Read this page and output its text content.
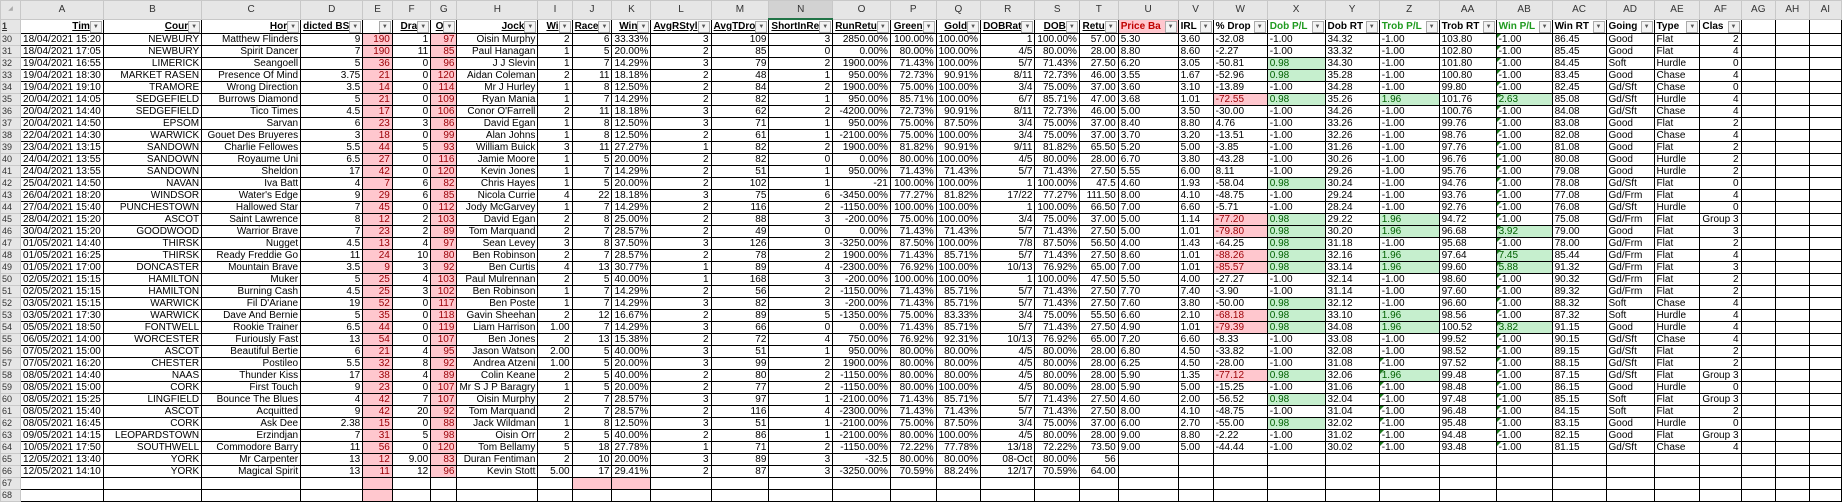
◢	A	B	C	D	E	F	G	H	I	J	K	L	M	N	O	P	Q	R	S	T	U	V	W	X	Y	Z	AA	AB	AC	AD	AE	AF	AG	AH	AI
1	Tim ▼	Cour ▼	Hor ▼	dicted BS ▼	▼	Dra ▼	O ▼	Jock ▼	Wi ▼	Race ▼	Win ▼	AvgRStyl ▼	AvgTDro ▼	ShortInRe ▼	RunRetu ▼	Green ▼	Gold ▼	DOBRat ▼	DOB ▼	Retu ▼	Price Ba ▼	IRL ▼	% Drop ▼	Dob P/L ▼	Dob RT ▼	Trob P/L ▼	Trob RT ▼	Win P/L ▼	Win RT ▼	Going ▼	Type ▼	Clas ▼			

30	18/04/2021 15:20	NEWBURY	Matthew Flinders	9	190	1	97	Oisin Murphy	2	6	33.33%	3	109	3	2850.00%	100.00%	100.00%	1	100.00%	57.00	5.30	3.60	-32.08	-1.00	34.32	-1.00	103.80	-1.00	86.45	Good	Flat	2			
31	18/04/2021 17:05	NEWBURY	Spirit Dancer	7	190	11	85	Paul Hanagan	1	5	20.00%	2	85	0	0.00%	80.00%	100.00%	4/5	80.00%	28.00	8.80	8.60	-2.27	-1.00	33.32	-1.00	102.80	-1.00	85.45	Good	Flat	4			
32	19/04/2021 16:55	LIMERICK	Seangoell	5	36	0	96	J J Slevin	1	7	14.29%	3	79	2	1900.00%	71.43%	100.00%	5/7	71.43%	27.50	6.20	3.05	-50.81	0.98	34.30	-1.00	101.80	-1.00	84.45	Soft	Hurdle	0			
33	19/04/2021 18:30	MARKET RASEN	Presence Of Mind	3.75	21	0	120	Aidan Coleman	2	11	18.18%	2	48	1	950.00%	72.73%	90.91%	8/11	72.73%	46.00	3.55	1.67	-52.96	0.98	35.28	-1.00	100.80	-1.00	83.45	Good	Chase	4			
34	19/04/2021 19:10	TRAMORE	Wrong Direction	3.5	14	0	114	Mr J Hurley	1	8	12.50%	2	84	2	1900.00%	75.00%	100.00%	3/4	75.00%	37.00	3.60	3.10	-13.89	-1.00	34.28	-1.00	99.80	-1.00	82.45	Gd/Sft	Chase	0			
35	20/04/2021 14:05	SEDGEFIELD	Burrows Diamond	5	21	0	109	Ryan Mania	1	7	14.29%	2	82	1	950.00%	85.71%	100.00%	6/7	85.71%	47.00	3.68	1.01	-72.55	0.98	35.26	1.96	101.76	2.63	85.08	Gd/Sft	Hurdle	4			
36	20/04/2021 14:40	SEDGEFIELD	Tico Times	4.5	17	0	106	Conor O'Farrell	2	11	18.18%	3	62	2	-4200.00%	72.73%	90.91%	8/11	72.73%	46.00	5.00	3.50	-30.00	-1.00	34.26	-1.00	100.76	-1.00	84.08	Gd/Sft	Chase	4			
37	20/04/2021 14:50	EPSOM	Sarvan	6	23	3	86	David Egan	1	8	12.50%	3	71	1	950.00%	75.00%	87.50%	3/4	75.00%	37.00	8.40	8.80	4.76	-1.00	33.26	-1.00	99.76	-1.00	83.08	Good	Flat	2			
38	22/04/2021 14:30	WARWICK	Gouet Des Bruyeres	3	18	0	99	Alan Johns	1	8	12.50%	2	61	1	-2100.00%	75.00%	100.00%	3/4	75.00%	37.00	3.70	3.20	-13.51	-1.00	32.26	-1.00	98.76	-1.00	82.08	Good	Chase	4			
39	23/04/2021 13:15	SANDOWN	Charlie Fellowes	5.5	44	5	93	William Buick	3	11	27.27%	1	82	2	1900.00%	81.82%	90.91%	9/11	81.82%	65.50	5.20	5.00	-3.85	-1.00	31.26	-1.00	97.76	-1.00	81.08	Good	Flat	2			
40	24/04/2021 13:55	SANDOWN	Royaume Uni	6.5	27	0	116	Jamie Moore	1	5	20.00%	2	82	0	0.00%	80.00%	100.00%	4/5	80.00%	28.00	6.70	3.80	-43.28	-1.00	30.26	-1.00	96.76	-1.00	80.08	Good	Hurdle	2			
41	24/04/2021 13:55	SANDOWN	Sheldon	17	42	0	120	Kevin Jones	1	7	14.29%	2	51	1	950.00%	71.43%	71.43%	5/7	71.43%	27.50	5.55	6.00	8.11	-1.00	29.26	-1.00	95.76	-1.00	79.08	Good	Hurdle	2			
42	25/04/2021 14:50	NAVAN	Iva Batt	4	7	6	82	Chris Hayes	1	5	20.00%	2	102	1	-21	100.00%	100.00%	1	100.00%	47.5	4.60	1.93	-58.04	0.98	30.24	-1.00	94.76	-1.00	78.08	Gd/Sft	Flat	0			
43	26/04/2021 18:20	WINDSOR	Water's Edge	9	29	6	85	Nicola Currie	4	22	18.18%	3	75	6	-3450.00%	77.27%	81.82%	17/22	77.27%	111.50	8.00	4.10	-48.75	-1.00	29.24	-1.00	93.76	-1.00	77.08	Gd/Frm	Flat	4			
44	27/04/2021 15:40	PUNCHESTOWN	Hallowed Star	7	45	0	112	Jody McGarvey	1	7	14.29%	2	116	2	-1150.00%	100.00%	100.00%	1	100.00%	66.50	7.00	6.60	-5.71	-1.00	28.24	-1.00	92.76	-1.00	76.08	Gd/Sft	Hurdle	0			
45	28/04/2021 15:20	ASCOT	Saint Lawrence	8	12	2	103	David Egan	2	8	25.00%	2	88	3	-200.00%	75.00%	100.00%	3/4	75.00%	37.00	5.00	1.14	-77.20	0.98	29.22	1.96	94.72	-1.00	75.08	Gd/Frm	Flat	Group 3			
46	30/04/2021 15:20	GOODWOOD	Warrior Brave	7	23	2	89	Tom Marquand	2	7	28.57%	2	49	0	0.00%	71.43%	71.43%	5/7	71.43%	27.50	5.00	1.01	-79.80	0.98	30.20	1.96	96.68	3.92	79.00	Good	Flat	3			
47	01/05/2021 14:40	THIRSK	Nugget	4.5	13	4	97	Sean Levey	3	8	37.50%	3	126	3	-3250.00%	87.50%	100.00%	7/8	87.50%	56.50	4.00	1.43	-64.25	0.98	31.18	-1.00	95.68	-1.00	78.00	Gd/Frm	Flat	2			
48	01/05/2021 16:25	THIRSK	Ready Freddie Go	11	24	10	80	Ben Robinson	2	7	28.57%	2	78	2	1900.00%	71.43%	85.71%	5/7	71.43%	27.50	8.60	1.01	-88.26	0.98	32.16	1.96	97.64	7.45	85.44	Gd/Frm	Flat	4			
49	01/05/2021 17:00	DONCASTER	Mountain Brave	3.5	9	3	92	Ben Curtis	4	13	30.77%	1	89	4	-2300.00%	76.92%	100.00%	10/13	76.92%	65.00	7.00	1.01	-85.57	0.98	33.14	1.96	99.60	5.88	91.32	Gd/Frm	Flat	3			
50	02/05/2021 15:15	HAMILTON	Muker	5	25	4	103	Paul Mulrennan	2	5	40.00%	1	168	3	-200.00%	100.00%	100.00%	1	100.00%	47.50	5.50	4.00	-27.27	-1.00	32.14	-1.00	98.60	-1.00	90.32	Gd/Frm	Flat	2			
51	02/05/2021 15:15	HAMILTON	Burning Cash	4.5	25	3	102	Ben Robinson	1	7	14.29%	2	56	2	-1150.00%	71.43%	85.71%	5/7	71.43%	27.50	7.70	7.40	-3.90	-1.00	31.14	-1.00	97.60	-1.00	89.32	Gd/Frm	Flat	2			
52	03/05/2021 15:15	WARWICK	Fil D'Ariane	19	52	0	117	Ben Poste	1	7	14.29%	3	82	3	-200.00%	71.43%	85.71%	5/7	71.43%	27.50	7.60	3.80	-50.00	0.98	32.12	-1.00	96.60	-1.00	88.32	Soft	Chase	4			
53	03/05/2021 17:30	WARWICK	Dave And Bernie	5	35	0	118	Gavin Sheehan	2	12	16.67%	2	89	5	-1350.00%	75.00%	83.33%	3/4	75.00%	55.50	6.60	2.10	-68.18	0.98	33.10	1.96	98.56	-1.00	87.32	Soft	Hurdle	4			
54	05/05/2021 18:50	FONTWELL	Rookie Trainer	6.5	44	0	119	Liam Harrison	1.00	7	14.29%	3	66	0	0.00%	71.43%	85.71%	5/7	71.43%	27.50	4.90	1.01	-79.39	0.98	34.08	1.96	100.52	3.82	91.15	Good	Hurdle	4			
55	06/05/2021 14:00	WORCESTER	Furiously Fast	13	54	0	107	Ben Jones	2	13	15.38%	2	72	4	750.00%	76.92%	92.31%	10/13	76.92%	65.00	7.20	6.60	-8.33	-1.00	33.08	-1.00	99.52	-1.00	90.15	Gd/Sft	Chase	4			
56	07/05/2021 15:00	ASCOT	Beautiful Bertie	6	21	4	95	Jason Watson	2.00	5	40.00%	3	51	1	950.00%	80.00%	80.00%	4/5	80.00%	28.00	6.80	4.50	-33.82	-1.00	32.08	-1.00	98.52	-1.00	89.15	Gd/Sft	Flat	2			
57	07/05/2021 16:20	CHESTER	Postileo	5.5	32	8	92	Andrea Atzeni	1.00	5	20.00%	3	99	2	1900.00%	80.00%	80.00%	4/5	80.00%	28.00	6.25	4.50	-28.00	-1.00	31.08	-1.00	97.52	-1.00	88.15	Gd/Sft	Flat	2			
58	08/05/2021 14:40	NAAS	Thunder Kiss	17	38	4	89	Colin Keane	2	5	40.00%	2	80	2	-1150.00%	80.00%	80.00%	4/5	80.00%	28.00	5.90	1.35	-77.12	0.98	32.06	1.96	99.48	-1.00	87.15	Gd/Sft	Flat	Group 3			
59	08/05/2021 15:00	CORK	First Touch	9	23	0	107	Mr S J P Baragry	1	5	20.00%	2	77	2	-1150.00%	80.00%	100.00%	4/5	80.00%	28.00	5.90	5.00	-15.25	-1.00	31.06	-1.00	98.48	-1.00	86.15	Good	Hurdle	0			
60	08/05/2021 15:25	LINGFIELD	Bounce The Blues	4	42	7	107	Oisin Murphy	2	7	28.57%	3	97	1	-2100.00%	71.43%	85.71%	5/7	71.43%	27.50	4.60	2.00	-56.52	0.98	32.04	-1.00	97.48	-1.00	85.15	Soft	Flat	Group 3			
61	08/05/2021 15:40	ASCOT	Acquitted	9	42	20	92	Tom Marquand	2	7	28.57%	2	116	4	-2300.00%	71.43%	71.43%	5/7	71.43%	27.50	8.00	4.10	-48.75	-1.00	31.04	-1.00	96.48	-1.00	84.15	Soft	Flat	2			
62	08/05/2021 16:45	CORK	Ask Dee	2.38	15	0	88	Jack Wildman	1	8	12.50%	3	51	1	-2100.00%	75.00%	87.50%	3/4	75.00%	37.00	6.00	2.70	-55.00	0.98	32.02	-1.00	95.48	-1.00	83.15	Good	Hurdle	0			
63	09/05/2021 14:15	LEOPARDSTOWN	Erzindjan	7	31	5	98	Oisin Orr	2	5	40.00%	2	86	1	-2100.00%	80.00%	100.00%	4/5	80.00%	28.00	9.00	8.80	-2.22	-1.00	31.02	-1.00	94.48	-1.00	82.15	Good	Flat	Group 3			
64	10/05/2021 17:50	SOUTHWELL	Commodore Barry	11	56	0	120	Tom Bellamy	5	18	27.78%	1	71	2	-1150.00%	72.22%	77.78%	13/18	72.22%	73.50	9.00	5.00	-44.44	-1.00	30.02	-1.00	93.48	-1.00	81.15	Gd/Sft	Chase	4			
65	12/05/2021 13:40	YORK	Mr Carpenter	13	12	9.00	83	Duran Fentiman	2	10	20.00%	3	89	3	-32.5	80.00%	80.00%	08-Oct	80.00%	56															
66	12/05/2021 14:10	YORK	Magical Spirit	13	11	12	96	Kevin Stott	5.00	17	29.41%	2	87	3	-3250.00%	70.59%	88.24%	12/17	70.59%	64.00															
67																																			
68																																			
